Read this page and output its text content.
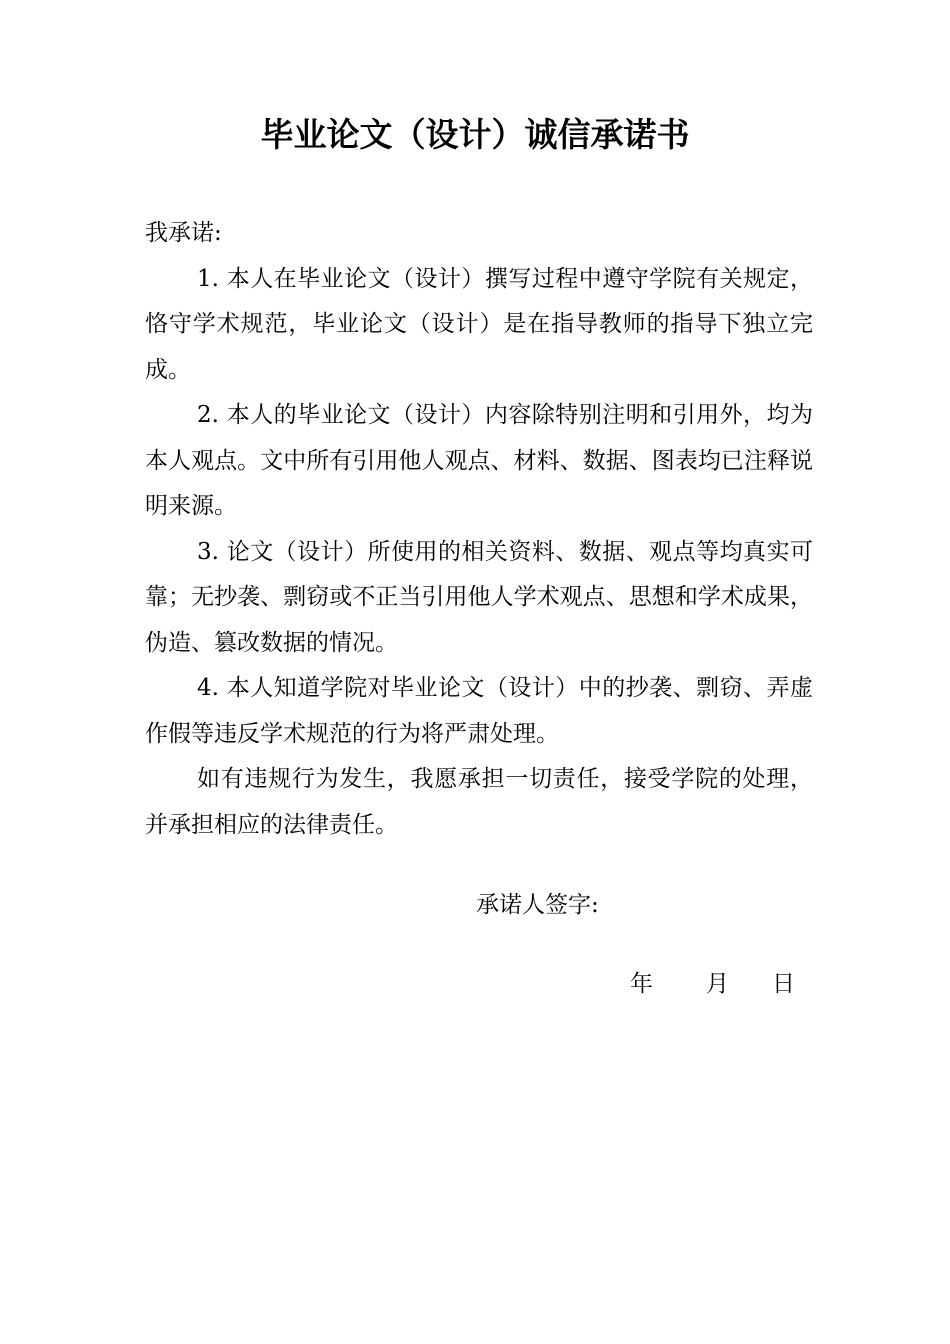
毕业论文（设计）诚信承诺书

我承诺:

1. 本人在毕业论文（设计）撰写过程中遵守学院有关规定，恪守学术规范，毕业论文（设计）是在指导教师的指导下独立完成。

2. 本人的毕业论文（设计）内容除特别注明和引用外，均为本人观点。文中所有引用他人观点、材料、数据、图表均已注释说明来源。

3. 论文（设计）所使用的相关资料、数据、观点等均真实可靠；无抄袭、剽窃或不正当引用他人学术观点、思想和学术成果，伪造、篡改数据的情况。

4. 本人知道学院对毕业论文（设计）中的抄袭、剽窃、弄虚作假等违反学术规范的行为将严肃处理。

如有违规行为发生，我愿承担一切责任，接受学院的处理，并承担相应的法律责任。

承诺人签字:
年 月 日
